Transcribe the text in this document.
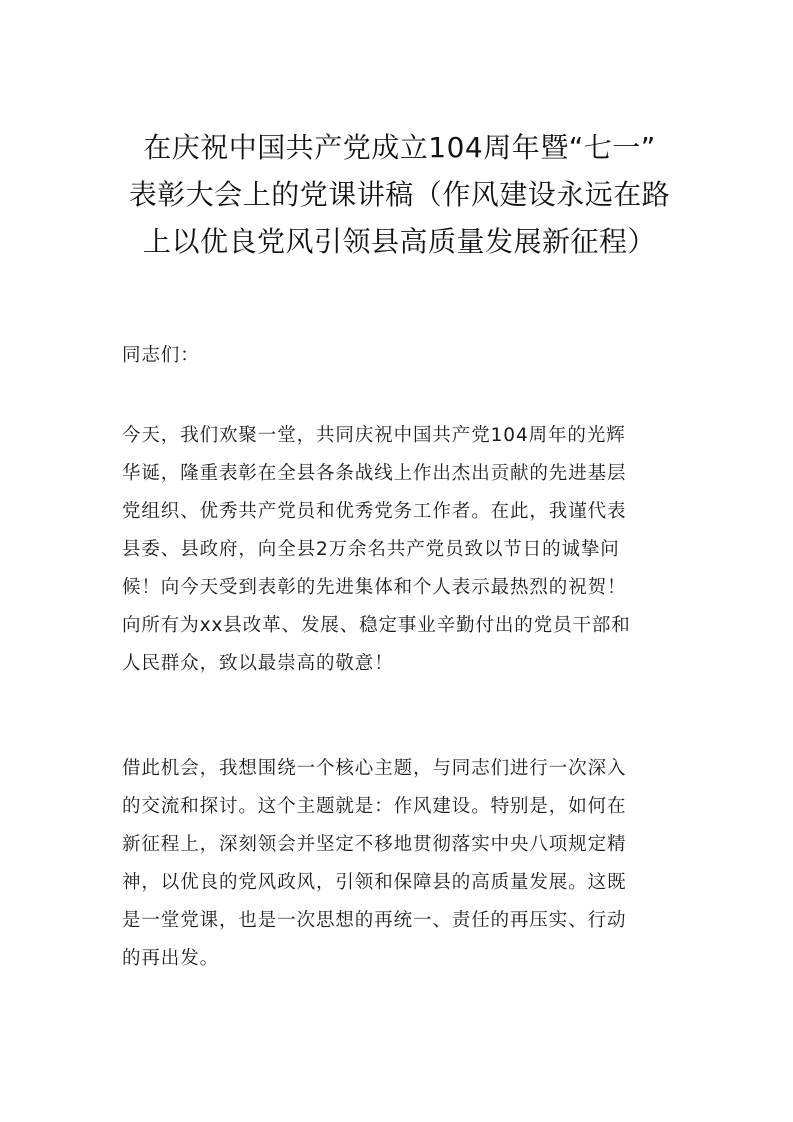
在庆祝中国共产党成立104周年暨“七一”
表彰大会上的党课讲稿（作风建设永远在路
上以优良党风引领县高质量发展新征程）

同志们：

今天，我们欢聚一堂，共同庆祝中国共产党104周年的光辉
华诞，隆重表彰在全县各条战线上作出杰出贡献的先进基层
党组织、优秀共产党员和优秀党务工作者。在此，我谨代表
县委、县政府，向全县2万余名共产党员致以节日的诚挚问
候！向今天受到表彰的先进集体和个人表示最热烈的祝贺！
向所有为xx县改革、发展、稳定事业辛勤付出的党员干部和
人民群众，致以最崇高的敬意！

借此机会，我想围绕一个核心主题，与同志们进行一次深入
的交流和探讨。这个主题就是：作风建设。特别是，如何在
新征程上，深刻领会并坚定不移地贯彻落实中央八项规定精
神，以优良的党风政风，引领和保障县的高质量发展。这既
是一堂党课，也是一次思想的再统一、责任的再压实、行动
的再出发。
